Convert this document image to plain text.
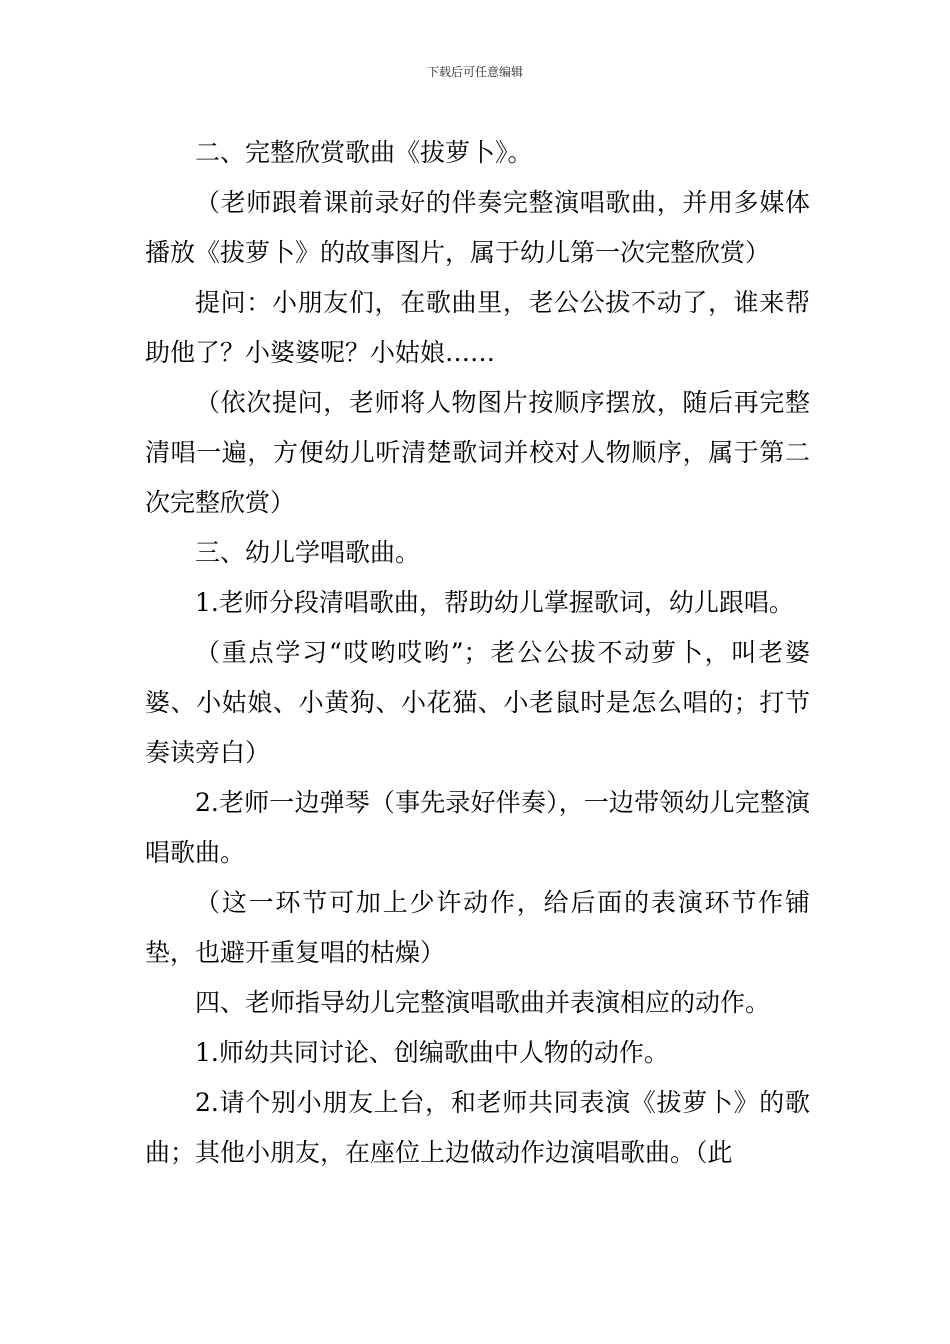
下载后可任意编辑

二、完整欣赏歌曲《拔萝卜》。

（老师跟着课前录好的伴奏完整演唱歌曲，并用多媒体播放《拔萝卜》的故事图片，属于幼儿第一次完整欣赏）

提问：小朋友们，在歌曲里，老公公拔不动了，谁来帮助他了？小婆婆呢？小姑娘……

（依次提问，老师将人物图片按顺序摆放，随后再完整清唱一遍，方便幼儿听清楚歌词并校对人物顺序，属于第二次完整欣赏）

三、幼儿学唱歌曲。

1.老师分段清唱歌曲，帮助幼儿掌握歌词，幼儿跟唱。

（重点学习“哎哟哎哟”；老公公拔不动萝卜，叫老婆婆、小姑娘、小黄狗、小花猫、小老鼠时是怎么唱的；打节奏读旁白）

2.老师一边弹琴（事先录好伴奏），一边带领幼儿完整演唱歌曲。

（这一环节可加上少许动作，给后面的表演环节作铺垫，也避开重复唱的枯燥）

四、老师指导幼儿完整演唱歌曲并表演相应的动作。

1.师幼共同讨论、创编歌曲中人物的动作。

2.请个别小朋友上台，和老师共同表演《拔萝卜》的歌曲；其他小朋友，在座位上边做动作边演唱歌曲。（此
